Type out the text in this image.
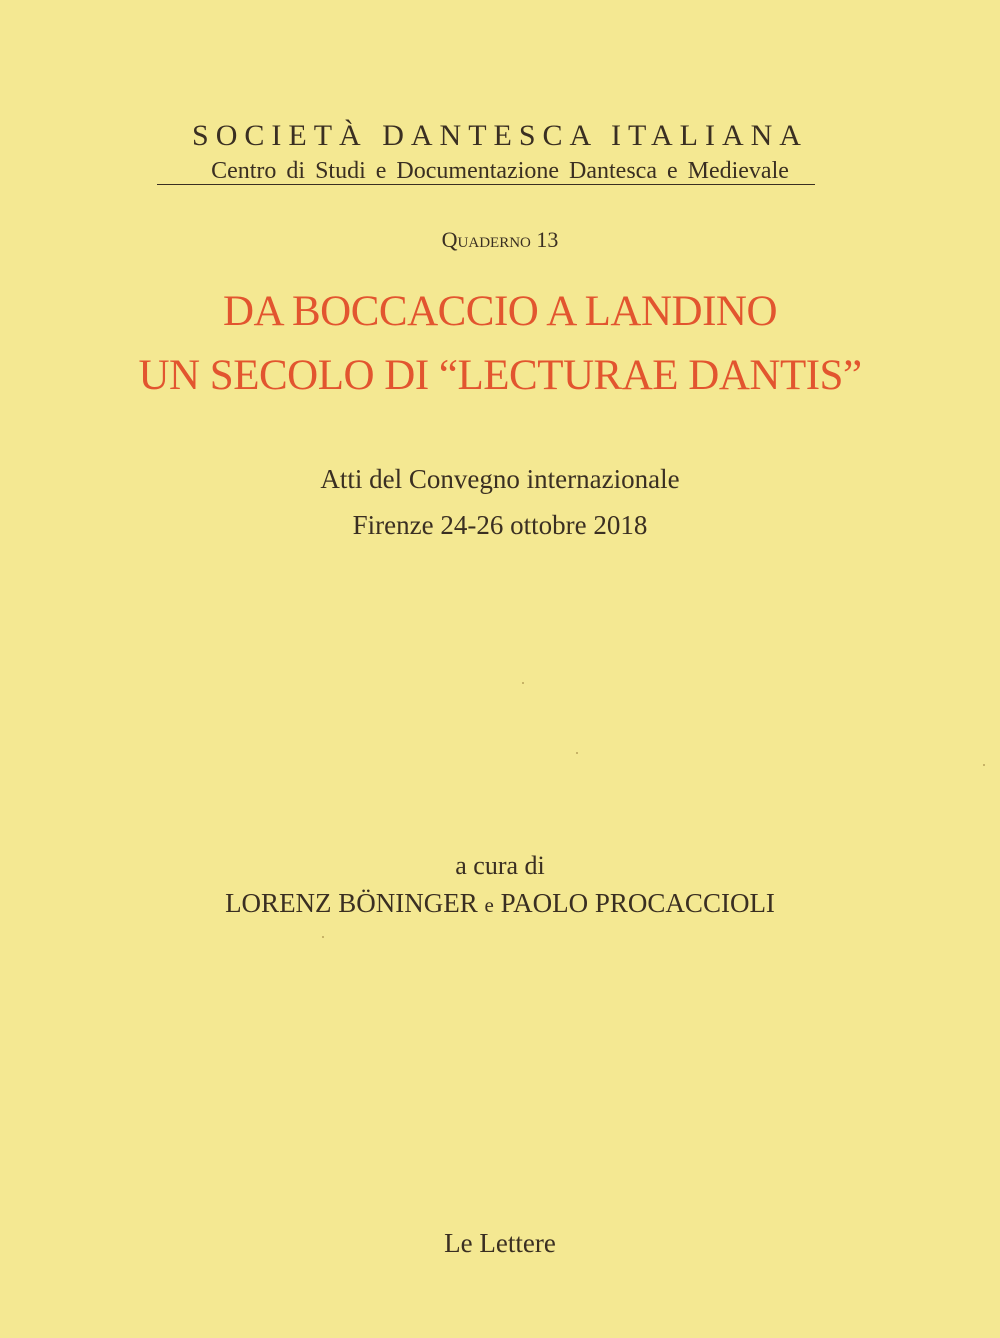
SOCIETÀ DANTESCA ITALIANA
Centro di Studi e Documentazione Dantesca e Medievale
Quaderno 13
DA BOCCACCIO A LANDINO
UN SECOLO DI “LECTURAE DANTIS”
Atti del Convegno internazionale
Firenze 24-26 ottobre 2018
a cura di
LORENZ BÖNINGER e PAOLO PROCACCIOLI
Le Lettere
